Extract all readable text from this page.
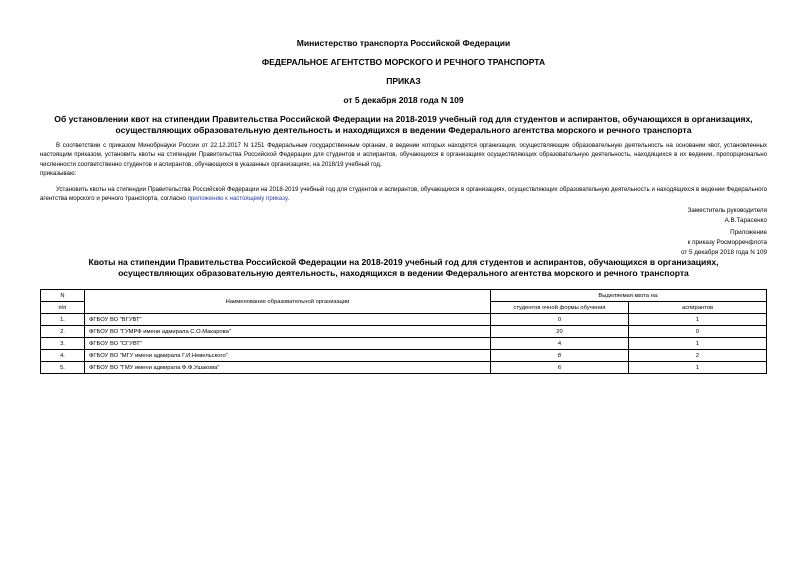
Министерство транспорта Российской Федерации
ФЕДЕРАЛЬНОЕ АГЕНТСТВО МОРСКОГО И РЕЧНОГО ТРАНСПОРТА
ПРИКАЗ
от 5 декабря 2018 года N 109
Об установлении квот на стипендии Правительства Российской Федерации на 2018-2019 учебный год для студентов и аспирантов, обучающихся в организациях,
осуществляющих образовательную деятельность и находящихся в ведении Федерального агентства морского и речного транспорта
В соответствии с приказом Минобрнауки России от 22.12.2017 N 1251 Федеральным государственным органам, в ведении которых находятся организации, осуществляющие образовательную деятельность на основании квот, установленных настоящим приказом, установить квоты на стипендии Правительства Российской Федерации для студентов и аспирантов, обучающихся в организациях осуществляющих образовательную деятельность, находящихся в их ведении, пропорционально численности соответственно студентов и аспирантов, обучающихся в указанных организациях, на 2018/19 учебный год,
приказываю:
Установить квоты на стипендии Правительства Российской Федерации на 2018-2019 учебный год для студентов и аспирантов, обучающихся в организациях, осуществляющих образовательную деятельность и находящихся в ведении Федерального агентства морского и речного транспорта, согласно приложению к настоящему приказу.
Заместитель руководителя
А.В.Тарасенко
Приложение
к приказу Росморречфлота
от 5 декабря 2018 года N 109
Квоты на стипендии Правительства Российской Федерации на 2018-2019 учебный год для студентов и аспирантов, обучающихся в организациях,
осуществляющих образовательную деятельность, находящихся в ведении Федерального агентства морского и речного транспорта
N	Наименование образовательной организации	Выделяемая квота на:	
п/п		студентов очной формы обучения	аспирантов
1.	ФГБОУ ВО "ВГУВТ"	0	1
2.	ФГБОУ ВО "ГУМРФ имени адмирала С.О.Макарова"	20	0
3.	ФГБОУ ВО "СГУВТ"	4	1
4.	ФГБОУ ВО "МГУ имени адмирала Г.И.Невельского"	8	2
5.	ФГБОУ ВО "ГМУ имени адмирала Ф.Ф.Ушакова"	6	1
